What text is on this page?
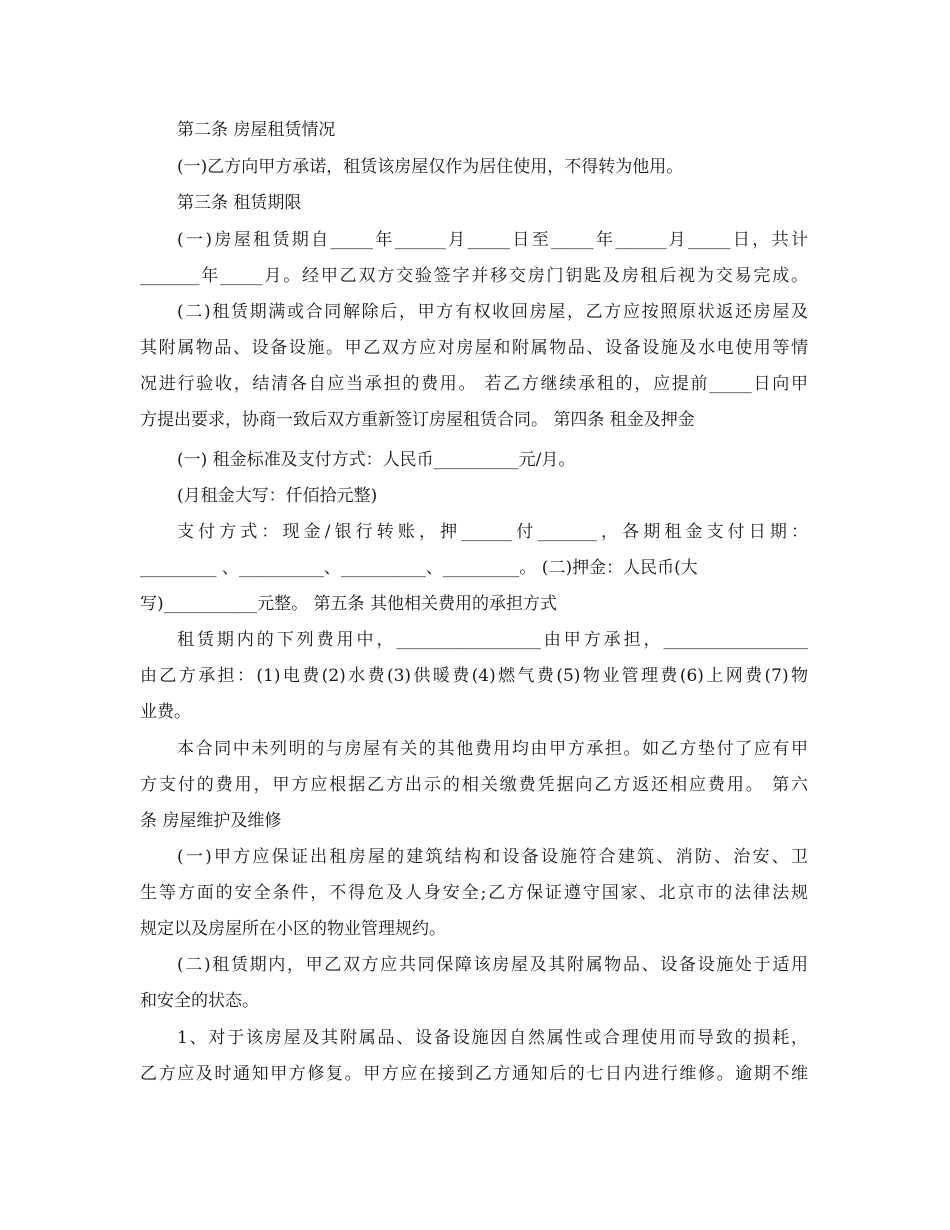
第二条 房屋租赁情况
(一)乙方向甲方承诺，租赁该房屋仅作为居住使用，不得转为他用。
第三条 租赁期限
(一)房屋租赁期自_____年______月_____日至_____年______月_____日，共计
_______年_____月。经甲乙双方交验签字并移交房门钥匙及房租后视为交易完成。
(二)租赁期满或合同解除后，甲方有权收回房屋，乙方应按照原状返还房屋及
其附属物品、设备设施。甲乙双方应对房屋和附属物品、设备设施及水电使用等情
况进行验收，结清各自应当承担的费用。 若乙方继续承租的，应提前_____日向甲
方提出要求，协商一致后双方重新签订房屋租赁合同。 第四条 租金及押金
(一) 租金标准及支付方式：人民币__________元/月。
(月租金大写：仟佰拾元整)
支付方式：现金/银行转账，押______付_______，各期租金支付日期：
_________ 、__________、__________、_________。 (二)押金：人民币(大
写)___________元整。 第五条 其他相关费用的承担方式
租赁期内的下列费用中，_________________由甲方承担，_________________
由乙方承担：(1)电费(2)水费(3)供暖费(4)燃气费(5)物业管理费(6)上网费(7)物
业费。
本合同中未列明的与房屋有关的其他费用均由甲方承担。如乙方垫付了应有甲
方支付的费用，甲方应根据乙方出示的相关缴费凭据向乙方返还相应费用。 第六
条 房屋维护及维修
(一)甲方应保证出租房屋的建筑结构和设备设施符合建筑、消防、治安、卫
生等方面的安全条件，不得危及人身安全;乙方保证遵守国家、北京市的法律法规
规定以及房屋所在小区的物业管理规约。
(二)租赁期内，甲乙双方应共同保障该房屋及其附属物品、设备设施处于适用
和安全的状态。
1、对于该房屋及其附属品、设备设施因自然属性或合理使用而导致的损耗，
乙方应及时通知甲方修复。甲方应在接到乙方通知后的七日内进行维修。逾期不维
